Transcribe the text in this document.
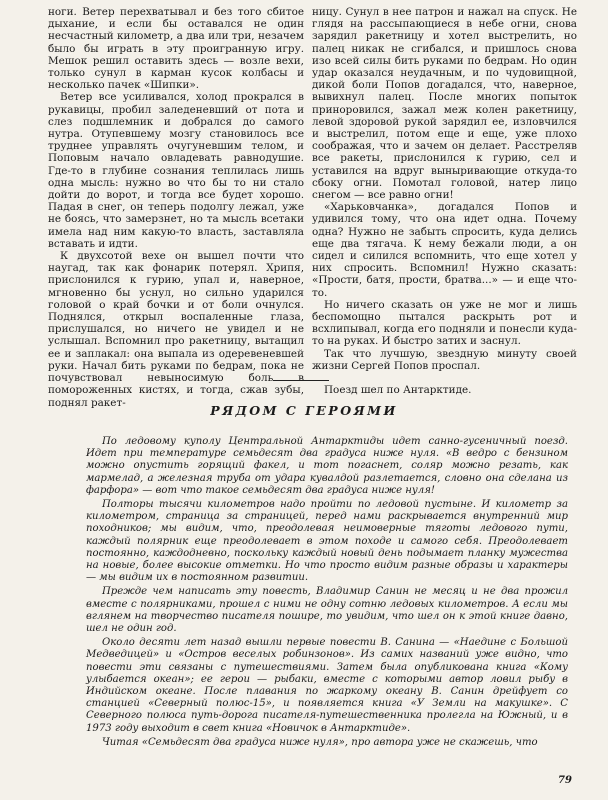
ноги. Ветер перехватывал и без того сбитое дыхание, и если бы оставался не один несчастный километр, а два или три, незачем было бы играть в эту проигранную игру. Мешок решил оставить здесь — возле вехи, только сунул в карман кусок колбасы и несколько пачек «Шипки».

Ветер все усиливался, холод прокрался в рукавицы, пробил заледеневший от пота и слез подшлемник и добрался до самого нутра. Отупевшему мозгу становилось все труднее управлять очугуневшим телом, и Поповым начало овладевать равнодушие. Где-то в глубине сознания теплилась лишь одна мысль: нужно во что бы то ни стало дойти до ворот, и тогда все будет хорошо. Падая в снег, он теперь подолгу лежал, уже не боясь, что замерзнет, но та мысль всетаки имела над ним какую-то власть, заставляла вставать и идти.

К двухсотой вехе он вышел почти что наугад, так как фонарик потерял. Хрипя, прислонился к гурию, упал и, наверное, мгновенно бы уснул, но сильно ударился головой о край бочки и от боли очнулся. Поднялся, открыл воспаленные глаза, прислушался, но ничего не увидел и не услышал. Вспомнил про ракетницу, вытащил ее и заплакал: она выпала из одеревеневшей руки. Начал бить руками по бедрам, пока не почувствовал невыносимую боль в помороженных кистях, и тогда, сжав зубы, поднял ракет-

ницу. Сунул в нее патрон и нажал на спуск. Не глядя на рассыпающиеся в небе огни, снова зарядил ракетницу и хотел выстрелить, но палец никак не сгибался, и пришлось снова изо всей силы бить руками по бедрам. Но один удар оказался неудачным, и по чудовищной, дикой боли Попов догадался, что, наверное, вывихнул палец. После многих попыток приноровился, зажал меж колен ракетницу, левой здоровой рукой зарядил ее, изловчился и выстрелил, потом еще и еще, уже плохо соображая, что и зачем он делает. Расстреляв все ракеты, прислонился к гурию, сел и уставился на вдруг выныривающие откуда-то сбоку огни. Помотал головой, натер лицо снегом — все равно огни!

«Харьковчанка», догадался Попов и удивился тому, что она идет одна. Почему одна? Нужно не забыть спросить, куда делись еще два тягача. К нему бежали люди, а он сидел и силился вспомнить, что еще хотел у них спросить. Вспомнил! Нужно сказать: «Прости, батя, прости, братва...» — и еще что-то.

Но ничего сказать он уже не мог и лишь беспомощно пытался раскрыть рот и всхлипывал, когда его подняли и понесли куда-то на руках. И быстро затих и заснул.

Так что лучшую, звездную минуту своей жизни Сергей Попов проспал.

Поезд шел по Антарктиде.

РЯДОМ С ГЕРОЯМИ

По ледовому куполу Центральной Антарктиды идет санно-гусеничный поезд. Идет при температуре семьдесят два градуса ниже нуля. «В ведро с бензином можно опустить горящий факел, и тот погаснет, соляр можно резать, как мармелад, а железная труба от удара кувалдой разлетается, словно она сделана из фарфора» — вот что такое семьдесят два градуса ниже нуля!

Полторы тысячи километров надо пройти по ледовой пустыне. И километр за километром, страница за страницей, перед нами раскрывается внутренний мир походников; мы видим, что, преодолевая неимоверные тяготы ледового пути, каждый полярник еще преодолевает в этом походе и самого себя. Преодолевает постоянно, каждодневно, поскольку каждый новый день подымает планку мужества на новые, более высокие отметки. Но что просто видим разные образы и характеры — мы видим их в постоянном развитии.

Прежде чем написать эту повесть, Владимир Санин не месяц и не два прожил вместе с полярниками, прошел с ними не одну сотню ледовых километров. А если мы вглянем на творчество писателя пошире, то увидим, что шел он к этой книге давно, шел не один год.

Около десяти лет назад вышли первые повести В. Санина — «Наедине с Большой Медведицей» и «Остров веселых робинзонов». Из самих названий уже видно, что повести эти связаны с путешествиями. Затем была опубликована книга «Кому улыбается океан»; ее герои — рыбаки, вместе с которыми автор ловил рыбу в Индийском океане. После плавания по жаркому океану В. Санин дрейфует со станцией «Северный полюс-15», и появляется книга «У Земли на макушке». С Северного полюса путь-дорога писателя-путешественника пролегла на Южный, и в 1973 году выходит в свет книга «Новичок в Антарктиде».

Читая «Семьдесят два градуса ниже нуля», про автора уже не скажешь, что

79
